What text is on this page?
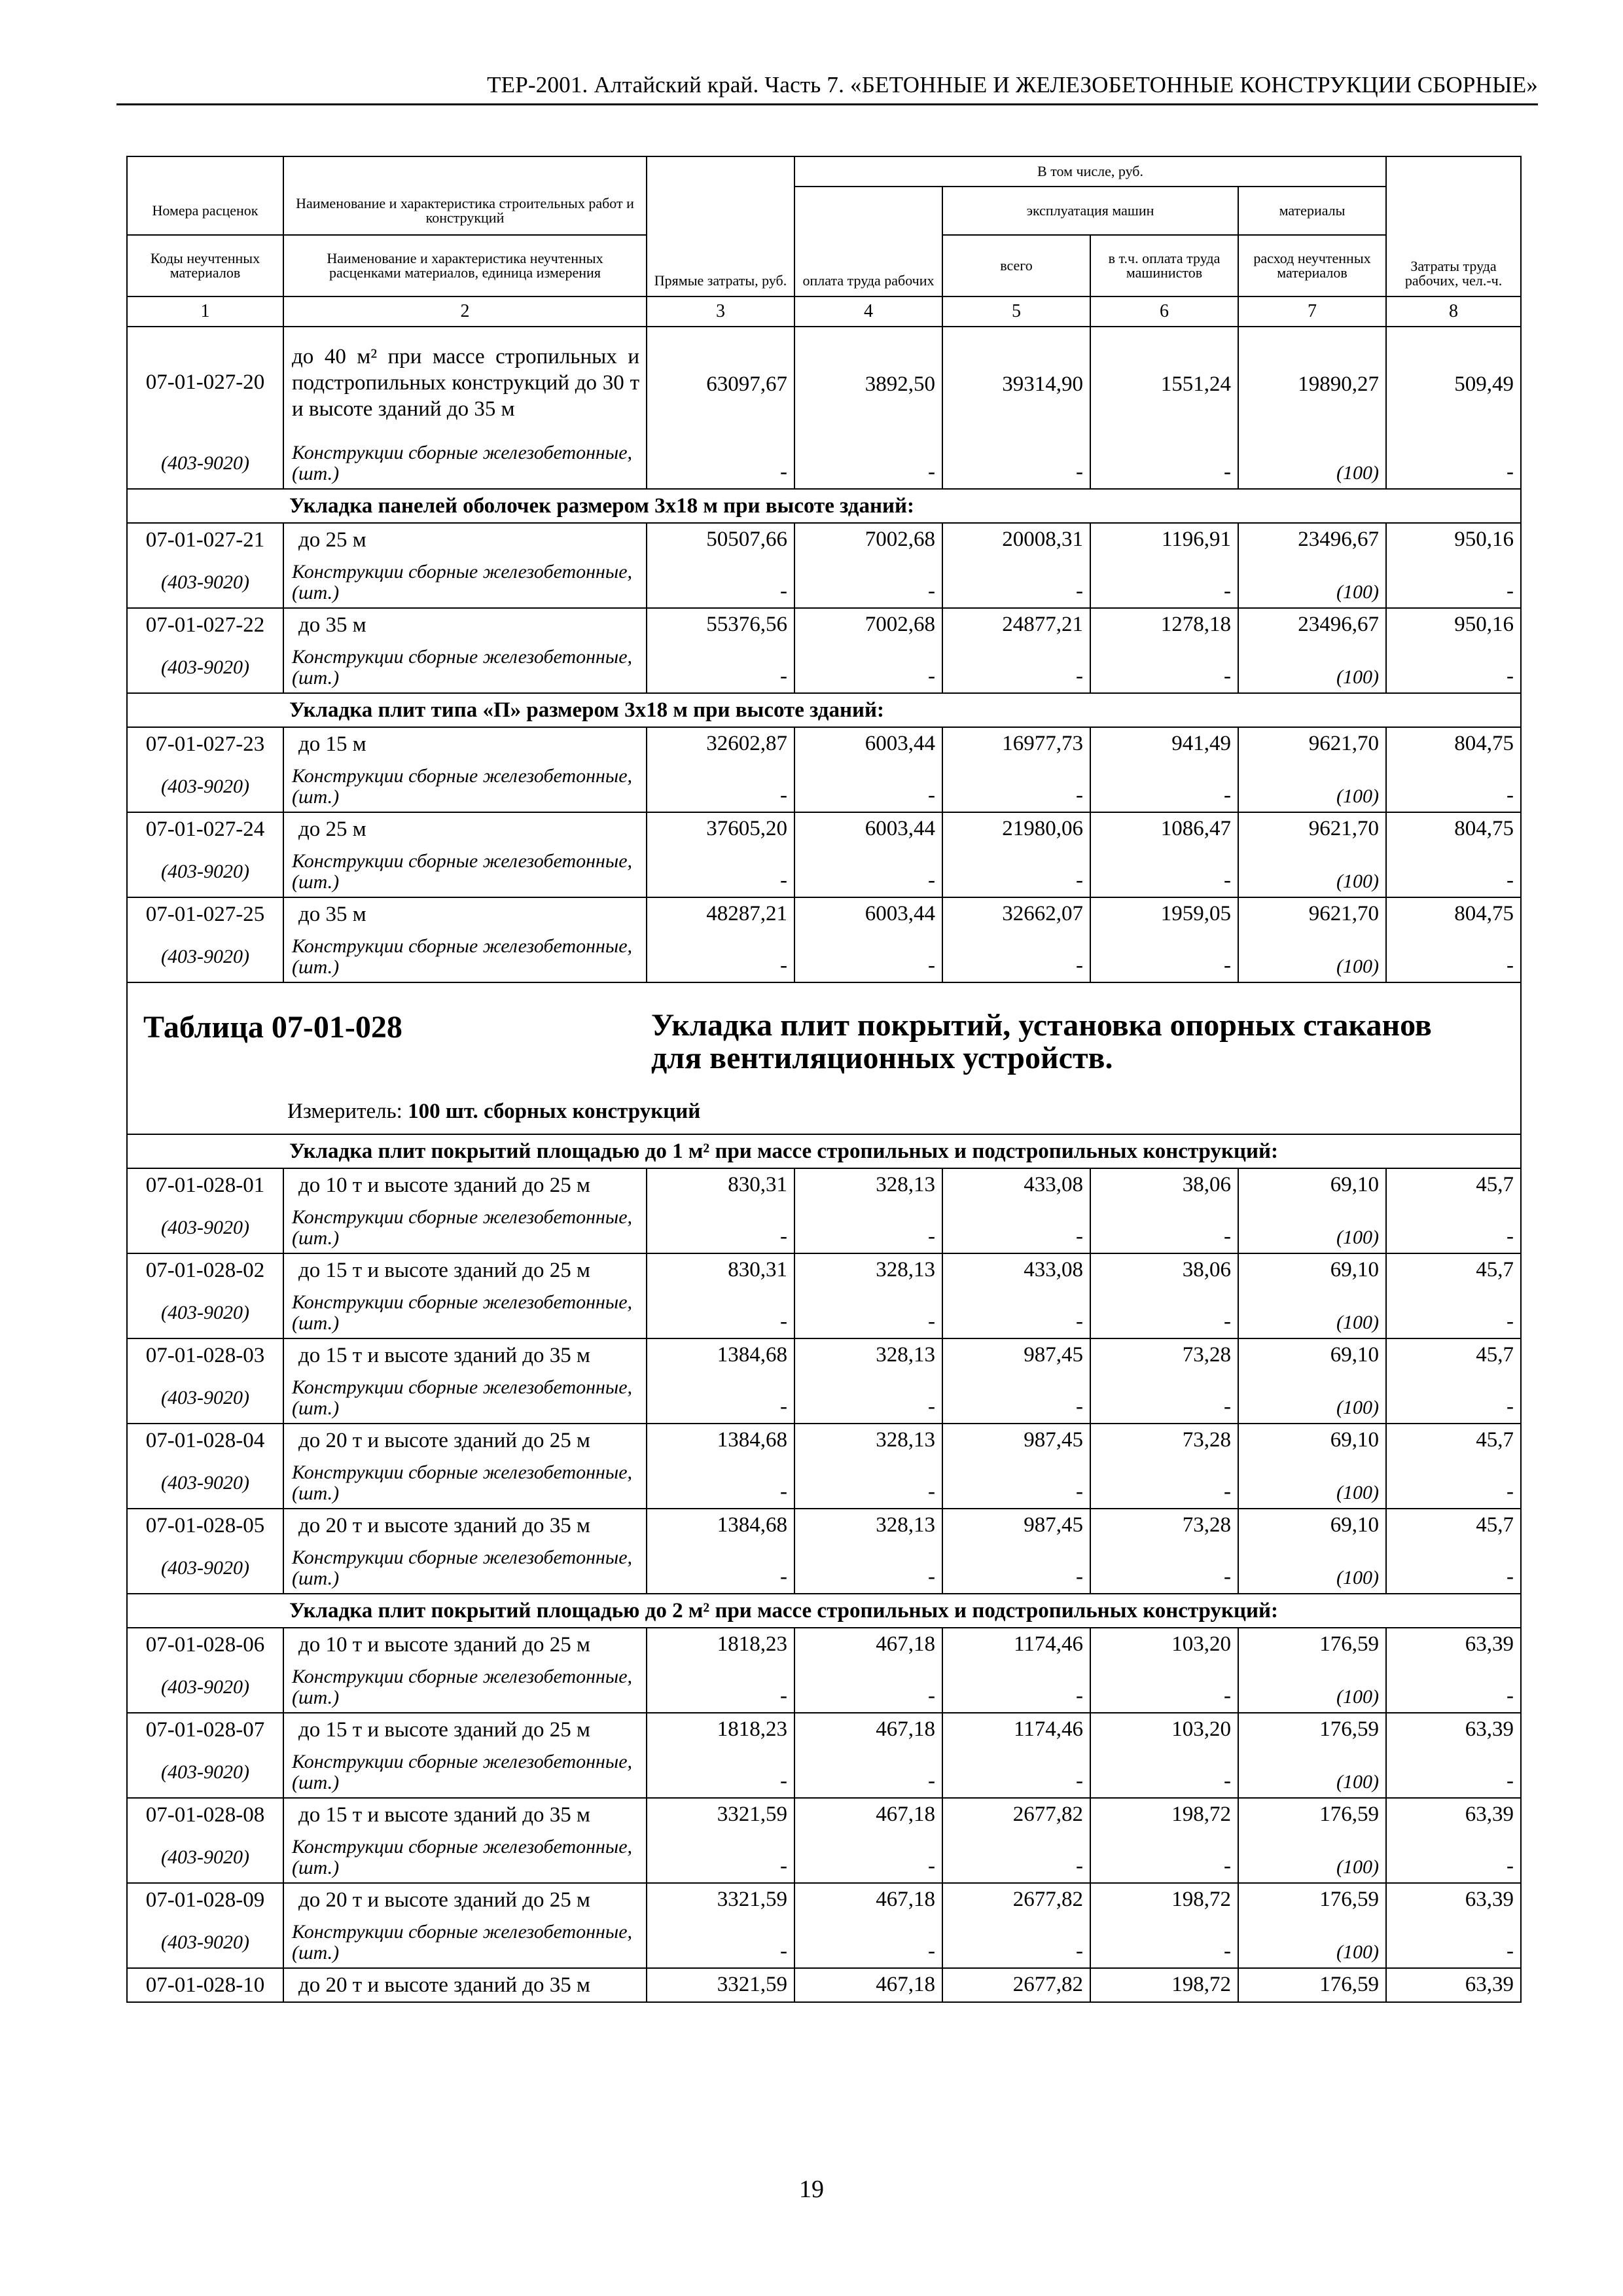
ТЕР-2001. Алтайский край. Часть 7. «БЕТОННЫЕ И ЖЕЛЕЗОБЕТОННЫЕ КОНСТРУКЦИИ СБОРНЫЕ»
		Прямые затраты, руб.	В том числе, руб.				Затраты труда рабочих, чел.-ч.
Номера расценок	Наименование и характеристика строительных работ и конструкций		оплата труда рабочих	эксплуатация машин		материалы	
Коды неучтенных материалов	Наименование и характеристика неучтенных расценками материалов, единица измерения			всего	в т.ч. оплата труда машинистов	расход неучтенных материалов	
1	2	3	4	5	6	7	8
07-01-027-20	до 40 м² при массе стропильных и подстропильных конструкций до 30 т и высоте зданий до 35 м	63097,67	3892,50	39314,90	1551,24	19890,27	509,49
(403-9020)	Конструкции сборные железобетонные, (шт.)	-	-	-	-	(100)	-
Укладка панелей оболочек размером 3х18 м при высоте зданий:							
07-01-027-21	до 25 м	50507,66	7002,68	20008,31	1196,91	23496,67	950,16
(403-9020)	Конструкции сборные железобетонные, (шт.)	-	-	-	-	(100)	-
07-01-027-22	до 35 м	55376,56	7002,68	24877,21	1278,18	23496,67	950,16
(403-9020)	Конструкции сборные железобетонные, (шт.)	-	-	-	-	(100)	-
Укладка плит типа «П» размером 3х18 м при высоте зданий:							
07-01-027-23	до 15 м	32602,87	6003,44	16977,73	941,49	9621,70	804,75
(403-9020)	Конструкции сборные железобетонные, (шт.)	-	-	-	-	(100)	-
07-01-027-24	до 25 м	37605,20	6003,44	21980,06	1086,47	9621,70	804,75
(403-9020)	Конструкции сборные железобетонные, (шт.)	-	-	-	-	(100)	-
07-01-027-25	до 35 м	48287,21	6003,44	32662,07	1959,05	9621,70	804,75
(403-9020)	Конструкции сборные железобетонные, (шт.)	-	-	-	-	(100)	-

Таблица 07-01-028 Укладка плит покрытий, установка опорных стаканов для вентиляционных устройств.
Измеритель: 100 шт. сборных конструкций							

Укладка плит покрытий площадью до 1 м² при массе стропильных и подстропильных конструкций:							
07-01-028-01	до 10 т и высоте зданий до 25 м	830,31	328,13	433,08	38,06	69,10	45,7
(403-9020)	Конструкции сборные железобетонные, (шт.)	-	-	-	-	(100)	-
07-01-028-02	до 15 т и высоте зданий до 25 м	830,31	328,13	433,08	38,06	69,10	45,7
(403-9020)	Конструкции сборные железобетонные, (шт.)	-	-	-	-	(100)	-
07-01-028-03	до 15 т и высоте зданий до 35 м	1384,68	328,13	987,45	73,28	69,10	45,7
(403-9020)	Конструкции сборные железобетонные, (шт.)	-	-	-	-	(100)	-
07-01-028-04	до 20 т и высоте зданий до 25 м	1384,68	328,13	987,45	73,28	69,10	45,7
(403-9020)	Конструкции сборные железобетонные, (шт.)	-	-	-	-	(100)	-
07-01-028-05	до 20 т и высоте зданий до 35 м	1384,68	328,13	987,45	73,28	69,10	45,7
(403-9020)	Конструкции сборные железобетонные, (шт.)	-	-	-	-	(100)	-
Укладка плит покрытий площадью до 2 м² при массе стропильных и подстропильных конструкций:							
07-01-028-06	до 10 т и высоте зданий до 25 м	1818,23	467,18	1174,46	103,20	176,59	63,39
(403-9020)	Конструкции сборные железобетонные, (шт.)	-	-	-	-	(100)	-
07-01-028-07	до 15 т и высоте зданий до 25 м	1818,23	467,18	1174,46	103,20	176,59	63,39
(403-9020)	Конструкции сборные железобетонные, (шт.)	-	-	-	-	(100)	-
07-01-028-08	до 15 т и высоте зданий до 35 м	3321,59	467,18	2677,82	198,72	176,59	63,39
(403-9020)	Конструкции сборные железобетонные, (шт.)	-	-	-	-	(100)	-
07-01-028-09	до 20 т и высоте зданий до 25 м	3321,59	467,18	2677,82	198,72	176,59	63,39
(403-9020)	Конструкции сборные железобетонные, (шт.)	-	-	-	-	(100)	-
07-01-028-10	до 20 т и высоте зданий до 35 м	3321,59	467,18	2677,82	198,72	176,59	63,39
19
